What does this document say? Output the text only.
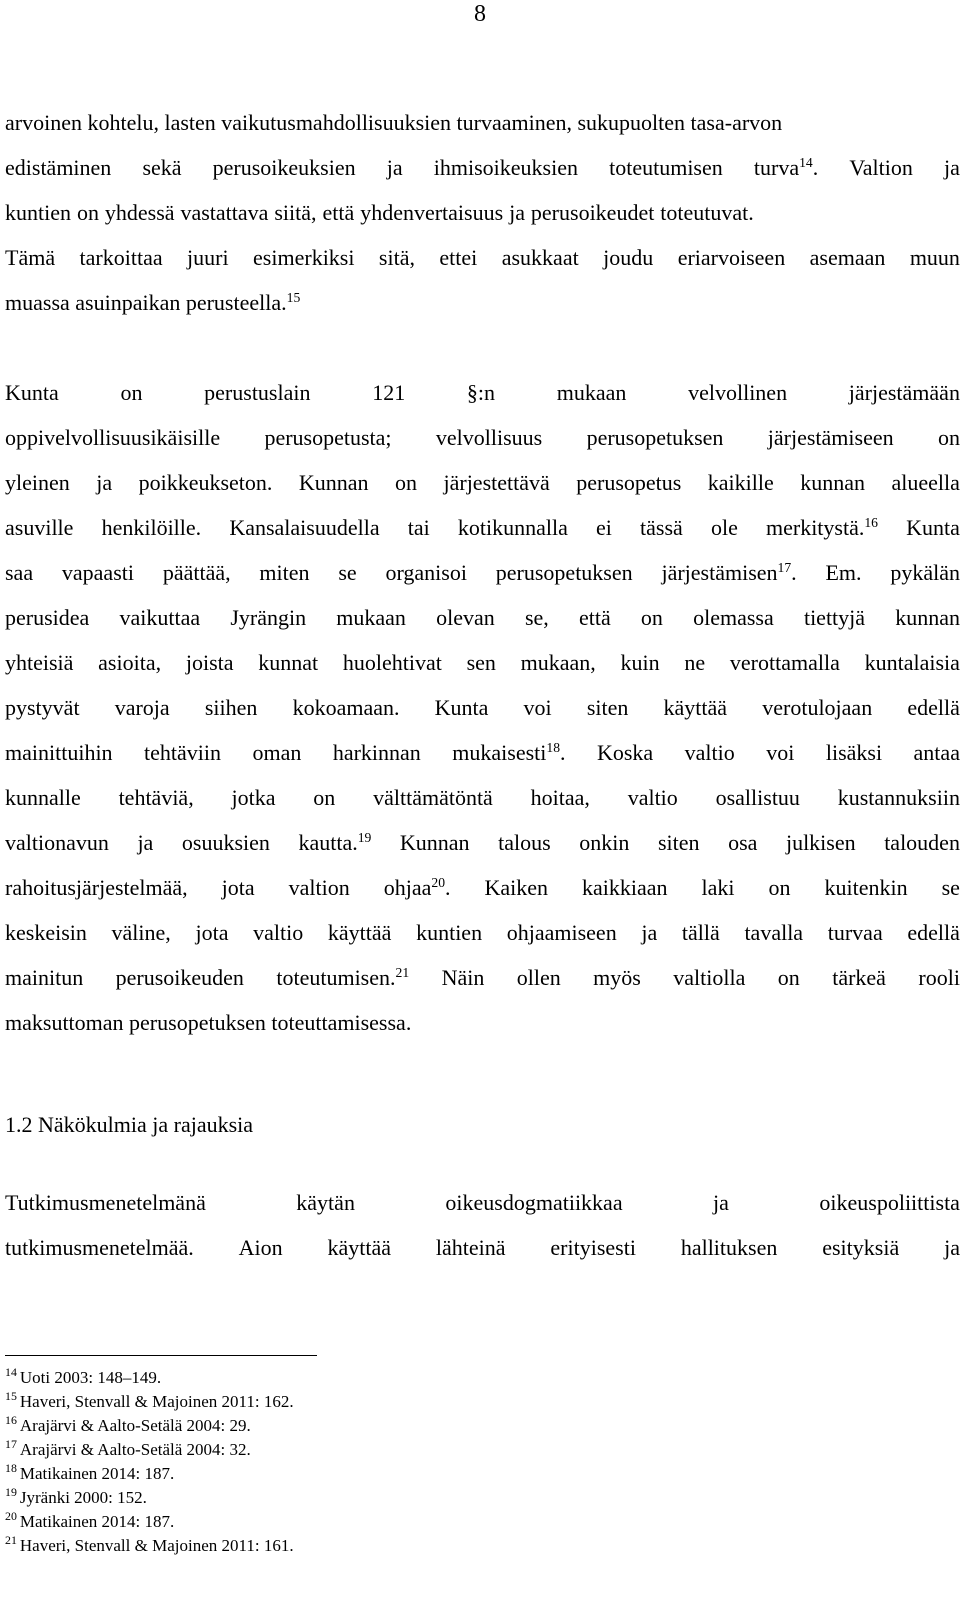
8
arvoinen kohtelu, lasten vaikutusmahdollisuuksien turvaaminen, sukupuolten tasa-arvon
edistäminen sekä perusoikeuksien ja ihmisoikeuksien toteutumisen turva$^{14}$. Valtion ja
kuntien on yhdessä vastattava siitä, että yhdenvertaisuus ja perusoikeudet toteutuvat.
Tämä tarkoittaa juuri esimerkiksi sitä, ettei asukkaat joudu eriarvoiseen asemaan muun
muassa asuinpaikan perusteella.$^{15}$
Kunta	on	perustuslain	121	§:n	mukaan	velvollinen	järjestämään
oppivelvollisuusikäisille perusopetusta; velvollisuus perusopetuksen järjestämiseen on
yleinen ja poikkeukseton. Kunnan on järjestettävä perusopetus kaikille kunnan alueella
asuville henkilöille. Kansalaisuudella tai kotikunnalla ei tässä ole merkitystä.$^{16}$ Kunta
saa vapaasti päättää, miten se organisoi perusopetuksen järjestämisen$^{17}$. Em. pykälän
perusidea vaikuttaa Jyrängin mukaan olevan se, että on olemassa tiettyjä kunnan
yhteisiä asioita, joista kunnat huolehtivat sen mukaan, kuin ne verottamalla kuntalaisia
pystyvät varoja siihen kokoamaan. Kunta voi siten käyttää verotulojaan edellä
mainittuihin tehtäviin oman harkinnan mukaisesti$^{18}$. Koska valtio voi lisäksi antaa
kunnalle tehtäviä, jotka on välttämätöntä hoitaa, valtio osallistuu kustannuksiin
valtionavun ja osuuksien kautta.$^{19}$ Kunnan talous onkin siten osa julkisen talouden
rahoitusjärjestelmää, jota valtion ohjaa$^{20}$. Kaiken kaikkiaan laki on kuitenkin se
keskeisin väline, jota valtio käyttää kuntien ohjaamiseen ja tällä tavalla turvaa edellä
mainitun perusoikeuden toteutumisen.$^{21}$ Näin ollen myös valtiolla on tärkeä rooli
maksuttoman perusopetuksen toteuttamisessa.
Tutkimusmenetelmänä	käytän	oikeusdogmatiikkaa	ja	oikeuspoliittista
tutkimusmenetelmää. Aion käyttää lähteinä erityisesti hallituksen esityksiä ja
1.2 Näkökulmia ja rajauksia
$^{14}$ Uoti 2003: 148–149.
$^{15}$ Haveri, Stenvall & Majoinen 2011: 162.
$^{16}$ Arajärvi & Aalto-Setälä 2004: 29.
$^{17}$ Arajärvi & Aalto-Setälä 2004: 32.
$^{18}$ Matikainen 2014: 187.
$^{19}$ Jyränki 2000: 152.
$^{20}$ Matikainen 2014: 187.
$^{21}$ Haveri, Stenvall & Majoinen 2011: 161.
